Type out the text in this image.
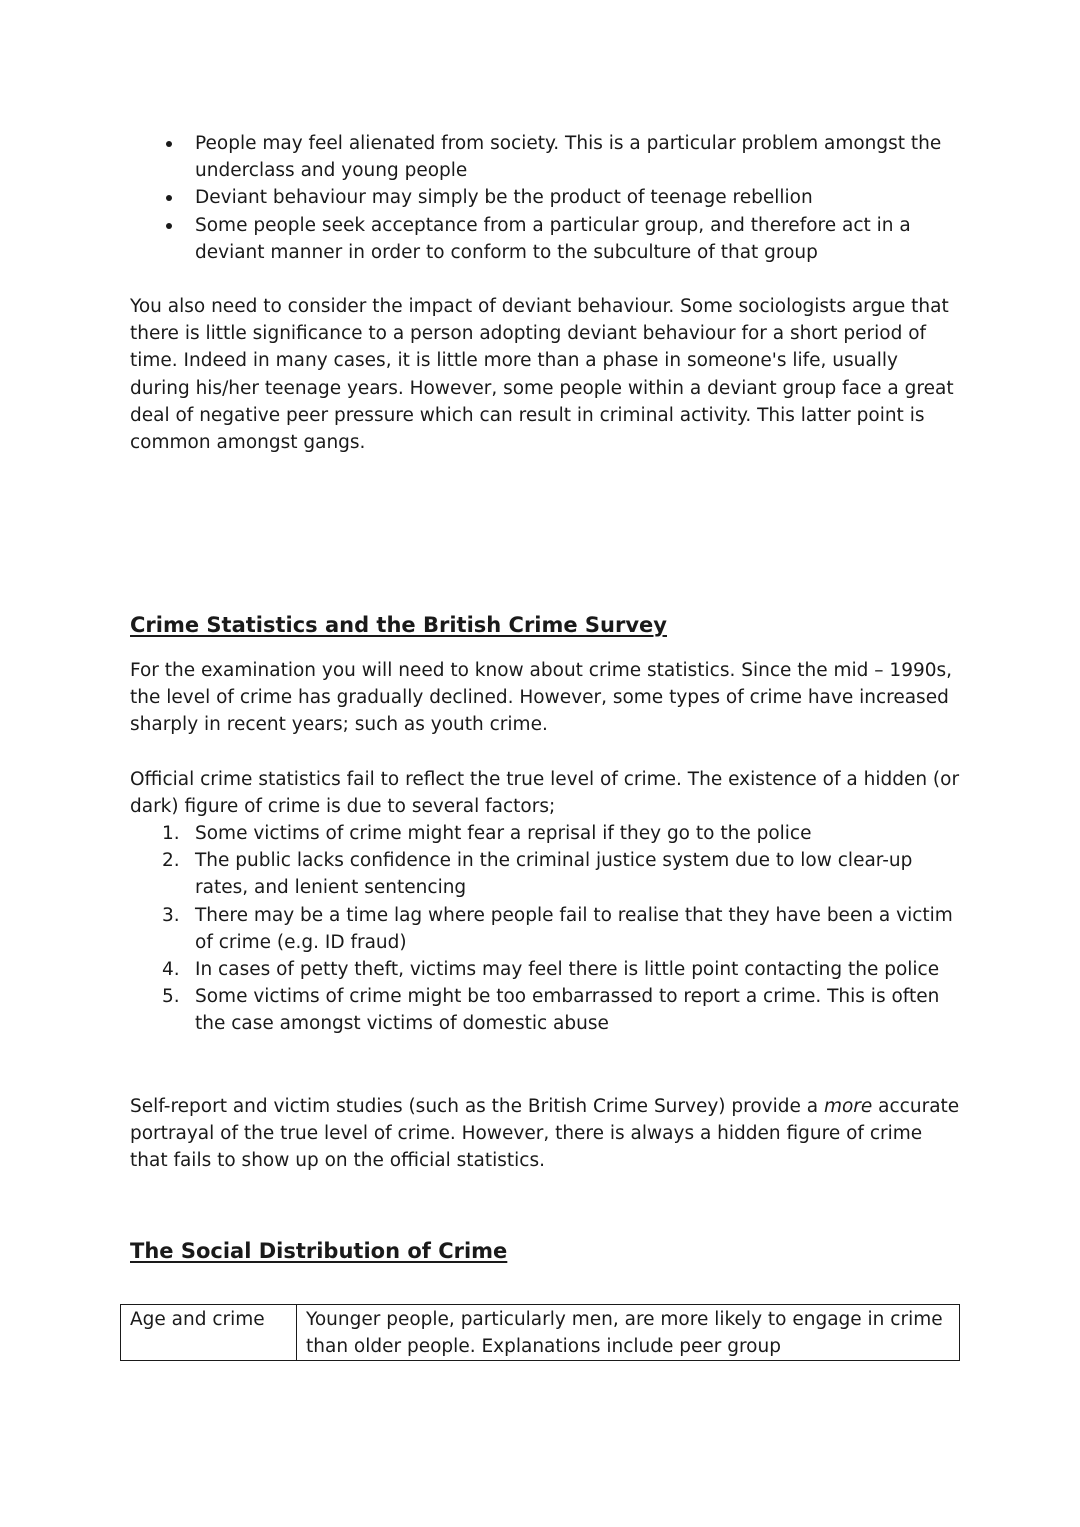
People may feel alienated from society. This is a particular problem amongst the underclass and young people
Deviant behaviour may simply be the product of teenage rebellion
Some people seek acceptance from a particular group, and therefore act in a deviant manner in order to conform to the subculture of that group

You also need to consider the impact of deviant behaviour. Some sociologists argue that there is little significance to a person adopting deviant behaviour for a short period of time. Indeed in many cases, it is little more than a phase in someone's life, usually during his/her teenage years. However, some people within a deviant group face a great deal of negative peer pressure which can result in criminal activity. This latter point is common amongst gangs.

Crime Statistics and the British Crime Survey

For the examination you will need to know about crime statistics. Since the mid – 1990s, the level of crime has gradually declined. However, some types of crime have increased sharply in recent years; such as youth crime.

Official crime statistics fail to reflect the true level of crime. The existence of a hidden (or dark) figure of crime is due to several factors;

1. Some victims of crime might fear a reprisal if they go to the police
2. The public lacks confidence in the criminal justice system due to low clear-up rates, and lenient sentencing
3. There may be a time lag where people fail to realise that they have been a victim of crime (e.g. ID fraud)
4. In cases of petty theft, victims may feel there is little point contacting the police
5. Some victims of crime might be too embarrassed to report a crime. This is often the case amongst victims of domestic abuse

Self-report and victim studies (such as the British Crime Survey) provide a more accurate portrayal of the true level of crime. However, there is always a hidden figure of crime that fails to show up on the official statistics.

The Social Distribution of Crime
Age and crime	Younger people, particularly men, are more likely to engage in crime than older people. Explanations include peer group
